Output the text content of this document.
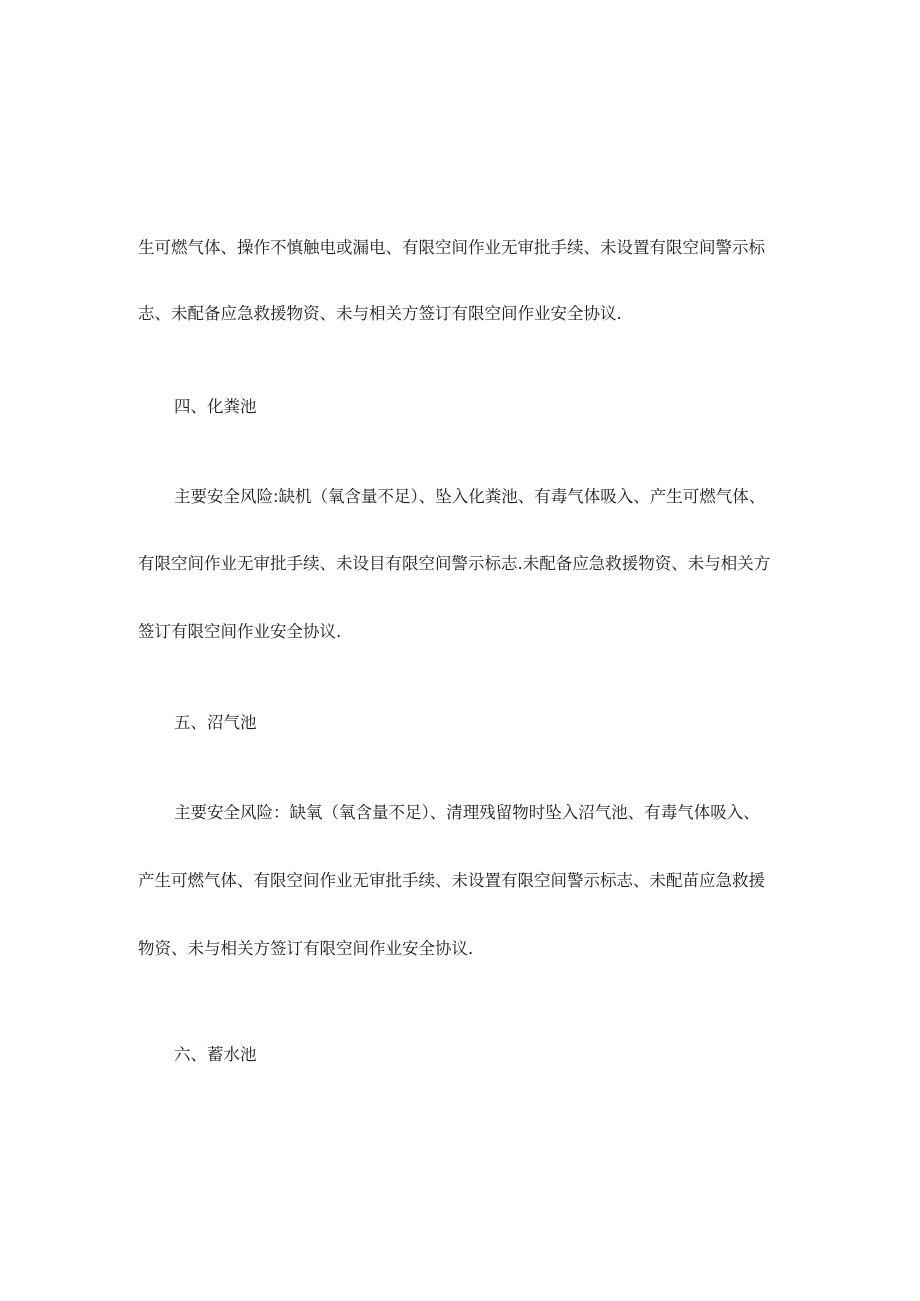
生可燃气体、操作不慎触电或漏电、有限空间作业无审批手续、未设置有限空间警示标
志、未配备应急救援物资、未与相关方签订有限空间作业安全协议.
四、化粪池
主要安全风险:缺机（氧含量不足）、坠入化粪池、有毒气体吸入、产生可燃气体、
有限空间作业无审批手续、未设目有限空间警示标志.未配备应急救援物资、未与相关方
签订有限空间作业安全协议.
五、沼气池
主要安全风险：缺氧（氧含量不足）、清理残留物时坠入沼气池、有毒气体吸入、
产生可燃气体、有限空间作业无审批手续、未设置有限空间警示标志、未配苗应急救援
物资、未与相关方签订有限空间作业安全协议.
六、蓄水池
